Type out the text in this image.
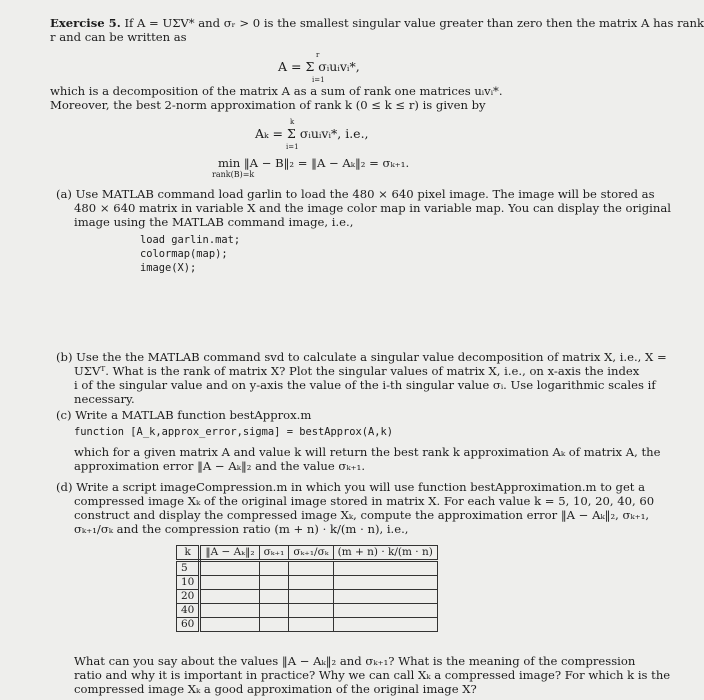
Exercise 5. If A = UΣV* and σᵣ > 0 is the smallest singular value greater than zero then the matrix A has rank
r and can be written as
r
A = Σ σᵢuᵢvᵢ*,
i=1
which is a decomposition of the matrix A as a sum of rank one matrices uᵢvᵢ*.
Moreover, the best 2-norm approximation of rank k (0 ≤ k ≤ r) is given by
k
Aₖ = Σ σᵢuᵢvᵢ*, i.e.,
i=1
min ‖A − B‖₂ = ‖A − Aₖ‖₂ = σₖ₊₁.
rank(B)=k
(a) Use MATLAB command load garlin to load the 480 × 640 pixel image. The image will be stored as
480 × 640 matrix in variable X and the image color map in variable map. You can display the original
image using the MATLAB command image, i.e.,
load garlin.mat;
colormap(map);
image(X);
(b) Use the the MATLAB command svd to calculate a singular value decomposition of matrix X, i.e., X =
UΣVᵀ. What is the rank of matrix X? Plot the singular values of matrix X, i.e., on x-axis the index
i of the singular value and on y-axis the value of the i-th singular value σᵢ. Use logarithmic scales if
necessary.
(c) Write a MATLAB function bestApprox.m
function [A_k,approx_error,sigma] = bestApprox(A,k)
which for a given matrix A and value k will return the best rank k approximation Aₖ of matrix A, the
approximation error ‖A − Aₖ‖₂ and the value σₖ₊₁.
(d) Write a script imageCompression.m in which you will use function bestApproximation.m to get a
compressed image Xₖ of the original image stored in matrix X. For each value k = 5, 10, 20, 40, 60
construct and display the compressed image Xₖ, compute the approximation error ‖A − Aₖ‖₂, σₖ₊₁,
σₖ₊₁/σₖ and the compression ratio (m + n) · k/(m · n), i.e.,
k	‖A − Aₖ‖₂	σₖ₊₁	σₖ₊₁/σₖ	(m + n) · k/(m · n)
5				
10				
20				
40				
60				
What can you say about the values ‖A − Aₖ‖₂ and σₖ₊₁? What is the meaning of the compression
ratio and why it is important in practice? Why we can call Xₖ a compressed image? For which k is the
compressed image Xₖ a good approximation of the original image X?
